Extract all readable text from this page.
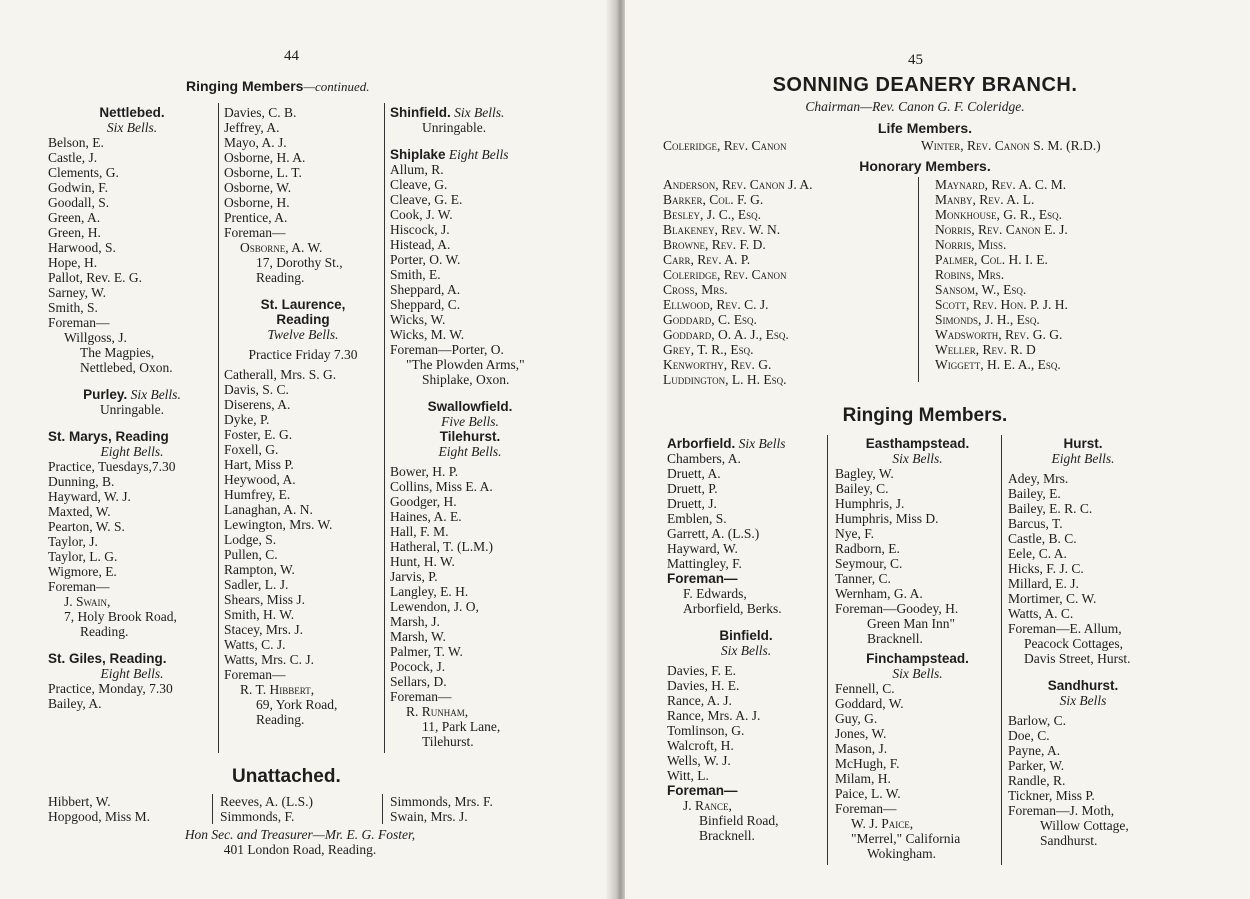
44
Ringing Members—continued.
Nettlebed.
Six Bells.
Belson, E.
Castle, J.
Clements, G.
Godwin, F.
Goodall, S.
Green, A.
Green, H.
Harwood, S.
Hope, H.
Pallot, Rev. E. G.
Sarney, W.
Smith, S.
Foreman—
Willgoss, J.
The Magpies,
Nettlebed, Oxon.
Purley. Six Bells.
Unringable.
St. Marys, Reading
Eight Bells.
Practice, Tuesdays,7.30
Dunning, B.
Hayward, W. J.
Maxted, W.
Pearton, W. S.
Taylor, J.
Taylor, L. G.
Wigmore, E.
Foreman—
J. Swain,
7, Holy Brook Road,
Reading.
St. Giles, Reading.
Eight Bells.
Practice, Monday, 7.30
Bailey, A.
Davies, C. B.
Jeffrey, A.
Mayo, A. J.
Osborne, H. A.
Osborne, L. T.
Osborne, W.
Osborne, H.
Prentice, A.
Foreman—
Osborne, A. W.
17, Dorothy St.,
Reading.
St. Laurence,
Reading
Twelve Bells.
Practice Friday 7.30
Catherall, Mrs. S. G.
Davis, S. C.
Diserens, A.
Dyke, P.
Foster, E. G.
Foxell, G.
Hart, Miss P.
Heywood, A.
Humfrey, E.
Lanaghan, A. N.
Lewington, Mrs. W.
Lodge, S.
Pullen, C.
Rampton, W.
Sadler, L. J.
Shears, Miss J.
Smith, H. W.
Stacey, Mrs. J.
Watts, C. J.
Watts, Mrs. C. J.
Foreman—
R. T. Hibbert,
69, York Road,
Reading.
Shinfield. Six Bells.
Unringable.
Shiplake Eight Bells
Allum, R.
Cleave, G.
Cleave, G. E.
Cook, J. W.
Hiscock, J.
Histead, A.
Porter, O. W.
Smith, E.
Sheppard, A.
Sheppard, C.
Wicks, W.
Wicks, M. W.
Foreman—Porter, O.
"The Plowden Arms,"
Shiplake, Oxon.
Swallowfield.
Five Bells.
Tilehurst.
Eight Bells.
Bower, H. P.
Collins, Miss E. A.
Goodger, H.
Haines, A. E.
Hall, F. M.
Hatheral, T. (L.M.)
Hunt, H. W.
Jarvis, P.
Langley, E. H.
Lewendon, J. O,
Marsh, J.
Marsh, W.
Palmer, T. W.
Pocock, J.
Sellars, D.
Foreman—
R. Runham,
11, Park Lane,
Tilehurst.
Unattached.
Hibbert, W.
Hopgood, Miss M.
Reeves, A. (L.S.)
Simmonds, F.
Simmonds, Mrs. F.
Swain, Mrs. J.
Hon Sec. and Treasurer—Mr. E. G. Foster,
401 London Road, Reading.
45
SONNING DEANERY BRANCH.
Chairman—Rev. Canon G. F. Coleridge.
Life Members.
Coleridge, Rev. Canon	Winter, Rev. Canon S. M. (R.D.)
Honorary Members.
Anderson, Rev. Canon J. A.
Barker, Col. F. G.
Besley, J. C., Esq.
Blakeney, Rev. W. N.
Browne, Rev. F. D.
Carr, Rev. A. P.
Coleridge, Rev. Canon
Cross, Mrs.
Ellwood, Rev. C. J.
Goddard, C. Esq.
Goddard, O. A. J., Esq.
Grey, T. R., Esq.
Kenworthy, Rev. G.
Luddington, L. H. Esq.
Maynard, Rev. A. C. M.
Manby, Rev. A. L.
Monkhouse, G. R., Esq.
Norris, Rev. Canon E. J.
Norris, Miss.
Palmer, Col. H. I. E.
Robins, Mrs.
Sansom, W., Esq.
Scott, Rev. Hon. P. J. H.
Simonds, J. H., Esq.
Wadsworth, Rev. G. G.
Weller, Rev. R. D
Wiggett, H. E. A., Esq.
Ringing Members.
Arborfield. Six Bells
Chambers, A.
Druett, A.
Druett, P.
Druett, J.
Emblen, S.
Garrett, A. (L.S.)
Hayward, W.
Mattingley, F.
Foreman—
F. Edwards,
Arborfield, Berks.
Binfield.
Six Bells.
Davies, F. E.
Davies, H. E.
Rance, A. J.
Rance, Mrs. A. J.
Tomlinson, G.
Walcroft, H.
Wells, W. J.
Witt, L.
Foreman—
J. Rance,
Binfield Road,
Bracknell.
Easthampstead.
Six Bells.
Bagley, W.
Bailey, C.
Humphris, J.
Humphris, Miss D.
Nye, F.
Radborn, E.
Seymour, C.
Tanner, C.
Wernham, G. A.
Foreman—Goodey, H.
Green Man Inn"
Bracknell.
Finchampstead.
Six Bells.
Fennell, C.
Goddard, W.
Guy, G.
Jones, W.
Mason, J.
McHugh, F.
Milam, H.
Paice, L. W.
Foreman—
W. J. Paice,
"Merrel," California
Wokingham.
Hurst.
Eight Bells.
Adey, Mrs.
Bailey, E.
Bailey, E. R. C.
Barcus, T.
Castle, B. C.
Eele, C. A.
Hicks, F. J. C.
Millard, E. J.
Mortimer, C. W.
Watts, A. C.
Foreman—E. Allum,
Peacock Cottages,
Davis Street, Hurst.
Sandhurst.
Six Bells
Barlow, C.
Doe, C.
Payne, A.
Parker, W.
Randle, R.
Tickner, Miss P.
Foreman—J. Moth,
Willow Cottage,
Sandhurst.
